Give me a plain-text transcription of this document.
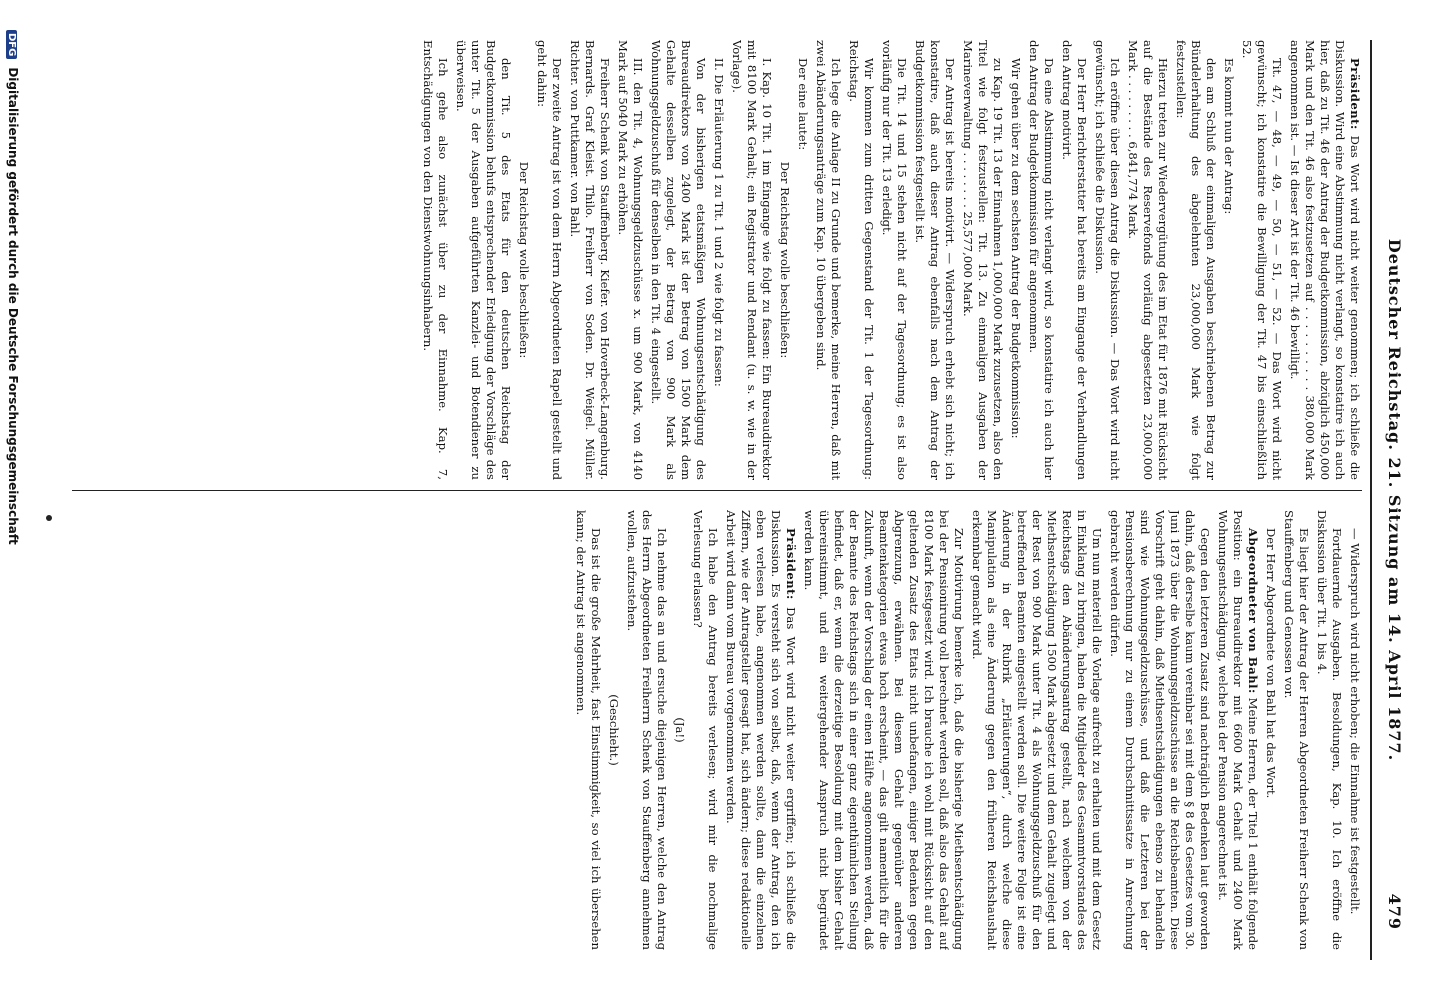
Deutscher Reichstag. 21. Sitzung am 14. April 1877.
479
Präsident: Das Wort wird nicht weiter genommen; ich schließe die Diskussion. Wird eine Abstimmung nicht verlangt, so konstatire ich auch hier, daß zu Tit. 46 der Antrag der Budgetkommission, abzüglich 450,000 Mark und den Tit. 46 also festzusetzen auf . . . . . . . . . . 380,000 Mark angenommen ist. — Ist dieser Art ist der Tit. 46 bewilligt.
Tit. 47, — 48, — 49, — 50, — 51, — 52. — Das Wort wird nicht gewünscht; ich konstatire die Bewilligung der Tit. 47 bis einschließlich 52.
Es kommt nun der Antrag:
den am Schluß der einmaligen Ausgaben beschriebenen Betrag zur Bündelerhaltung des abgelehnten 23,000,000 Mark wie folgt festzustellen:
Hierzu treten zur Wiedervergütung des im Etat für 1876 mit Rücksicht auf die Bestände des Reservefonds vorläufig abgesetzten 23,000,000 Mark . . . . . . . . . 6,841,774 Mark.
Ich eröffne über diesen Antrag die Diskussion. — Das Wort wird nicht gewünscht; ich schließe die Diskussion.
Der Herr Berichterstatter hat bereits am Eingange der Verhandlungen den Antrag motivirt.
Da eine Abstimmung nicht verlangt wird, so konstatire ich auch hier den Antrag der Budgetkommission für angenommen.
Wir gehen über zu dem sechsten Antrag der Budgetkommission:
zu Kap. 19 Tit. 13 der Einnahmen 1,000,000 Mark zuzusetzen, also den Titel wie folgt festzustellen: Tit. 13. Zu einmaligen Ausgaben der Marineverwaltung . . . . . . . . 25,577,000 Mark.
Der Antrag ist bereits motivirt. — Widerspruch erhebt sich nicht; ich konstatire, daß auch dieser Antrag ebenfalls nach dem Antrag der Budgetkommission festgestellt ist.
Die Tit. 14 und 15 stehen nicht auf der Tagesordnung; es ist also vorläufig nur der Tit. 13 erledigt.
Wir kommen zum dritten Gegenstand der Tit. 1 der Tagesordnung: Reichstag.
Ich lege die Anlage II zu Grunde und bemerke, meine Herren, daß mit zwei Abänderungsanträge zum Kap. 10 übergeben sind.
Der eine lautet:
Der Reichstag wolle beschließen:
I. Kap. 10 Tit. 1 im Eingange wie folgt zu fassen: Ein Bureaudirektor mit 8100 Mark Gehalt; ein Registrator und Rendant (u. s. w. wie in der Vorlage).
II. Die Erläuterung 1 zu Tit. 1 und 2 wie folgt zu fassen:
Von der bisherigen etatsmäßigen Wohnungsentschädigung des Bureaudirektors von 2400 Mark ist der Betrag von 1500 Mark dem Gehalte desselben zugelegt, der Betrag von 900 Mark als Wohnungsgeldzuschuß für denselben in den Tit. 4 eingestellt.
III. den Tit. 4, Wohnungsgeldzuschüsse x. um 900 Mark, von 4140 Mark auf 5040 Mark zu erhöhen.
Freiherr Schenk von Stauffenberg. Kiefer. von Hoverbeck-Langenburg. Bernards. Graf Kleist. Thilo. Freiherr von Soden. Dr. Weigel. Müller. Richter. von Puttkamer. von Bahl.
Der zweite Antrag ist von dem Herrn Abgeordneten Rapell gestellt und geht dahin:
Der Reichstag wolle beschließen:
den Tit. 5 des Etats für den deutschen Reichstag der Budgetkommission behufs entsprechender Erledigung der Vorschläge des unter Tit. 5 der Ausgaben aufgeführten Kanzlei- und Botendiener zu überweisen.
Ich gehe also zunächst über zu der Einnahme. Kap. 7, Entschädigungen von den Dienstwohnungsinhabern.
— Widerspruch wird nicht erhoben; die Einnahme ist festgestellt.
Fortdauernde Ausgaben. Besoldungen, Kap. 10. Ich eröffne die Diskussion über Tit. 1 bis 4.
Es liegt hier der Antrag der Herren Abgeordneten Freiherr Schenk von Stauffenberg und Genossen vor.
Der Herr Abgeordnete von Bahl hat das Wort.
Abgeordneter von Bahl: Meine Herren, der Titel 1 enthält folgende Position: ein Bureaudirektor mit 6600 Mark Gehalt und 2400 Mark Wohnungsentschädigung, welche bei der Pension angerechnet ist.
Gegen den letzteren Zusatz sind nachträglich Bedenken laut geworden dahin, daß derselbe kaum vereinbar sei mit dem § 8 des Gesetzes vom 30. Juni 1873 über die Wohnungsgeldzuschüsse an die Reichsbeamten. Diese Vorschrift geht dahin, daß Miethsentschädigungen ebenso zu behandeln sind wie Wohnungsgeldzuschüsse, und daß die Letzteren bei der Pensionsberechnung nur zu einem Durchschnittssatze in Anrechnung gebracht werden dürfen.
Um nun materiell die Vorlage aufrecht zu erhalten und mit dem Gesetz in Einklang zu bringen, haben die Mitglieder des Gesammtvorstandes des Reichstags den Abänderungsantrag gestellt, nach welchem von der Miethsentschädigung 1500 Mark abgesetzt und dem Gehalt zugelegt und der Rest von 900 Mark unter Tit. 4 als Wohnungsgeldzuschuß für den betreffenden Beamten eingestellt werden soll. Die weitere Folge ist eine Änderung in der Rubrik „Erläuterungen“, durch welche diese Manipulation als eine Änderung gegen den früheren Reichshaushalt erkennbar gemacht wird.
Zur Motivirung bemerke ich, daß die bisherige Miethsentschädigung bei der Pensionirung voll berechnet werden soll, daß also das Gehalt auf 8100 Mark festgesetzt wird. Ich brauche ich wohl mit Rücksicht auf den geltenden Zusatz des Etats nicht unbefangen, einiger Bedenken gegen Abgrenzung, erwähnen. Bei diesem Gehalt gegenüber anderen Beamtenkategorien etwas hoch erscheint, — das gilt namentlich für die Zukunft, wenn der Vorschlag der einen Hälfte angenommen werden, daß der Beamte des Reichstags sich in einer ganz eigenthümlichen Stellung befindet, daß er, wenn die derzeitige Besoldung mit dem bisher Gehalt übereinstimmt, und ein weitergehender Anspruch nicht begründet werden kann.
Präsident: Das Wort wird nicht weiter ergriffen; ich schließe die Diskussion. Es versteht sich von selbst, daß, wenn der Antrag, den ich eben verlesen habe, angenommen werden sollte, dann die einzelnen Ziffern, wie der Antragsteller gesagt hat, sich ändern; diese redaktionelle Arbeit wird dann vom Bureau vorgenommen werden.
Ich habe den Antrag bereits verlesen; wird mir die nochmalige Verlesung erlassen?
(Ja!)
Ich nehme das an und ersuche diejenigen Herren, welche den Antrag des Herrn Abgeordneten Freiherrn Schenk von Stauffenberg annehmen wollen, aufzustehen.
(Geschieht.)
Das ist die große Mehrheit, fast Einstimmigkeit, so viel ich übersehen kann; der Antrag ist angenommen.
DFGDigitalisierung gefördert durch die Deutsche Forschungsgemeinschaft
